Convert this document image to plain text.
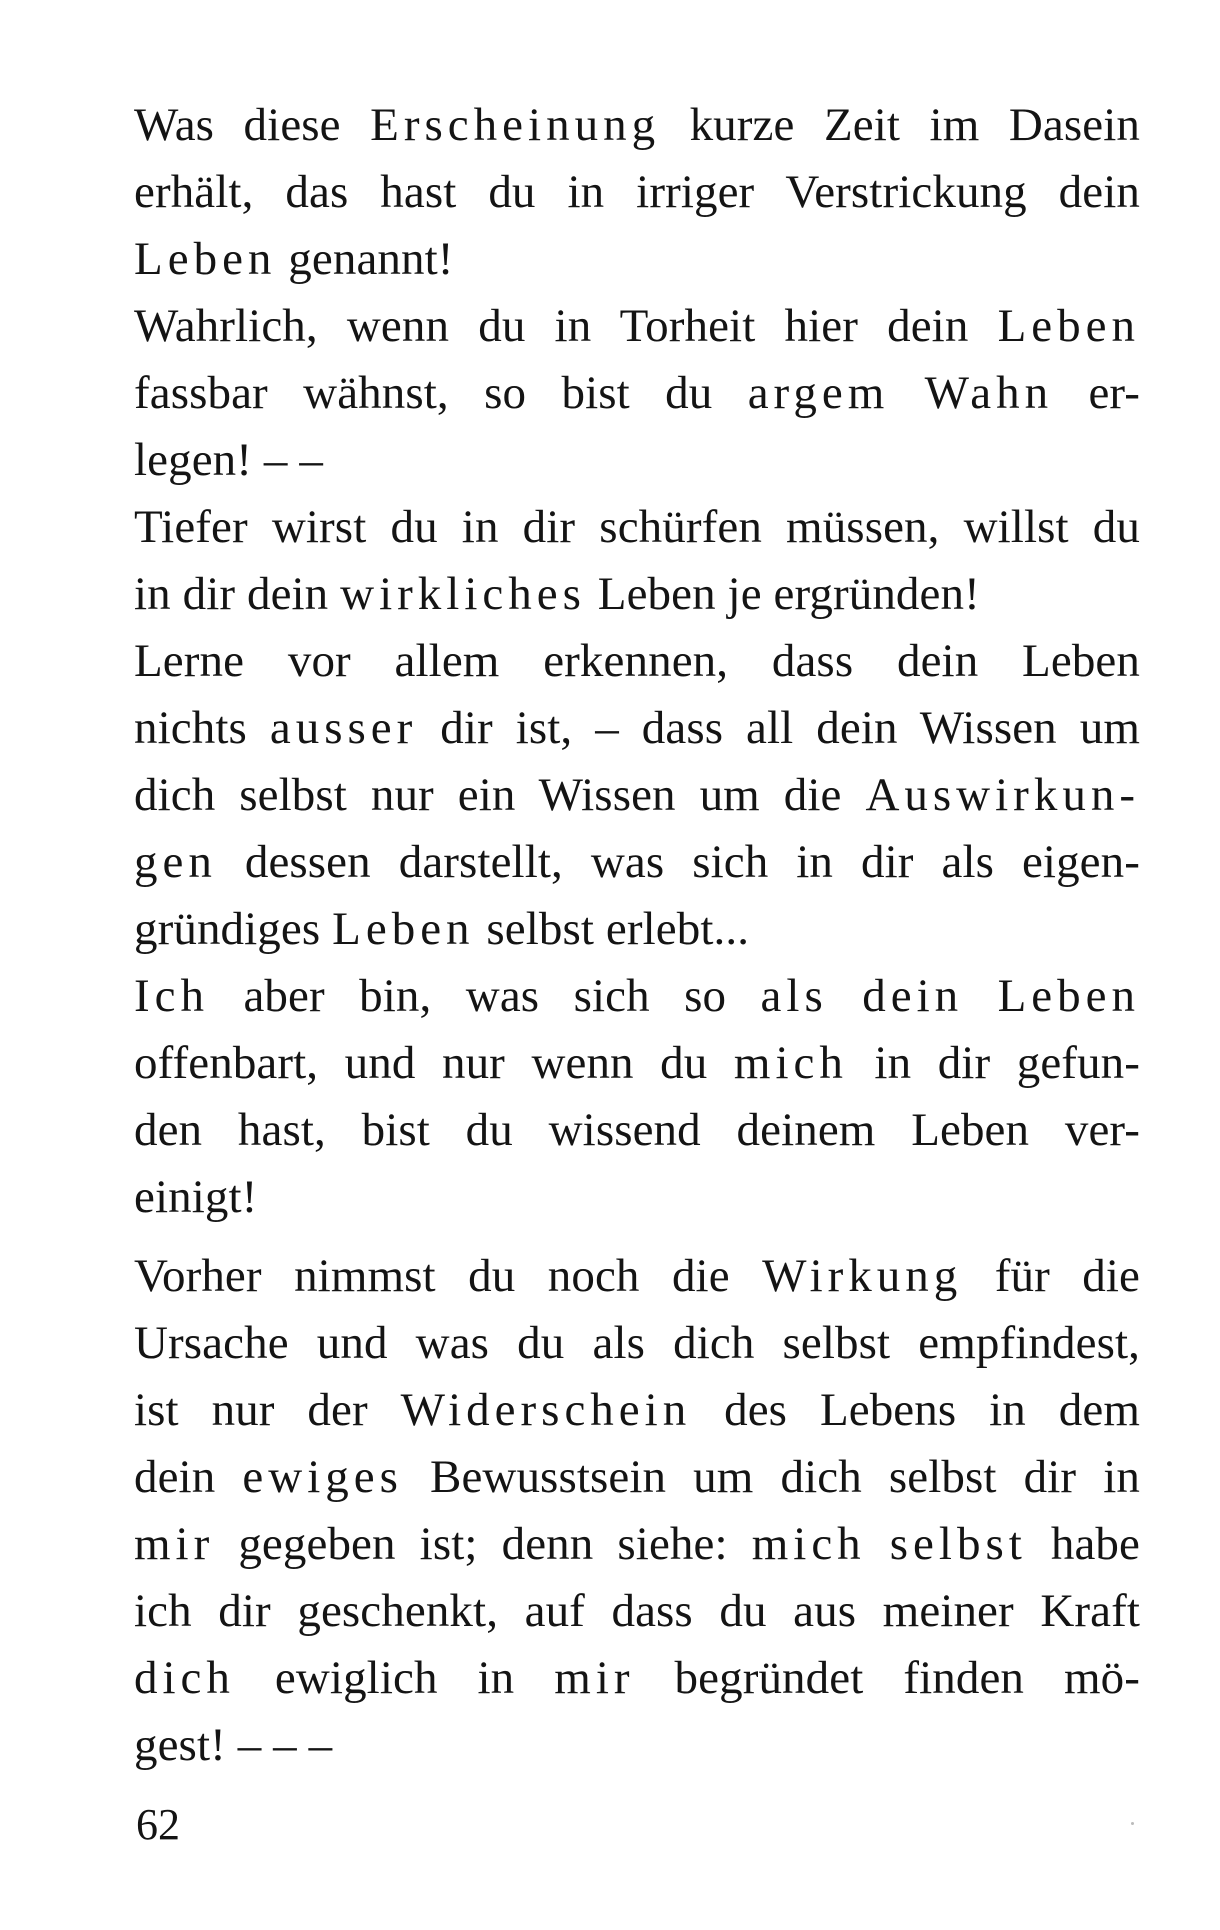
Was diese Erscheinung kurze Zeit im Dasein
erhält, das hast du in irriger Verstrickung dein
Leben genannt!
Wahrlich, wenn du in Torheit hier dein Leben
fassbar wähnst, so bist du argem Wahn er-
legen! – –
Tiefer wirst du in dir schürfen müssen, willst du
in dir dein wirkliches Leben je ergründen!
Lerne vor allem erkennen, dass dein Leben
nichts ausser dir ist, – dass all dein Wissen um
dich selbst nur ein Wissen um die Auswirkun-
gen dessen darstellt, was sich in dir als eigen-
gründiges Leben selbst erlebt...
Ich aber bin, was sich so als dein Leben
offenbart, und nur wenn du mich in dir gefun-
den hast, bist du wissend deinem Leben ver-
einigt!
Vorher nimmst du noch die Wirkung für die
Ursache und was du als dich selbst empfindest,
ist nur der Widerschein des Lebens in dem
dein ewiges Bewusstsein um dich selbst dir in
mir gegeben ist; denn siehe: mich selbst habe
ich dir geschenkt, auf dass du aus meiner Kraft
dich ewiglich in mir begründet finden mö-
gest! – – –
62
